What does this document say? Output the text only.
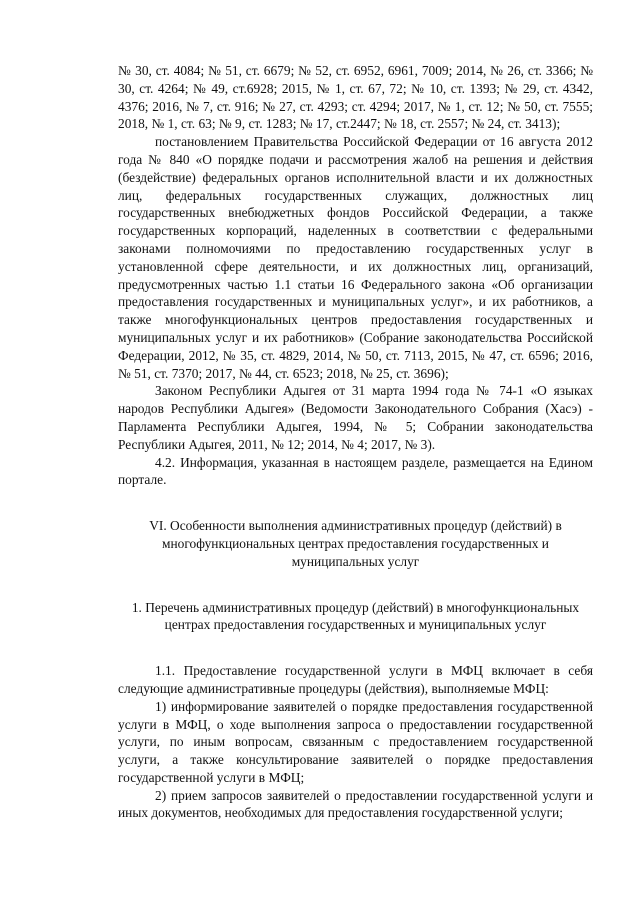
№ 30, ст. 4084; № 51, ст. 6679; № 52, ст. 6952, 6961, 7009; 2014, № 26, ст. 3366; № 30, ст. 4264; № 49, ст.6928; 2015, № 1, ст. 67, 72; № 10, ст. 1393; № 29, ст. 4342, 4376; 2016, № 7, ст. 916; № 27, ст. 4293; ст. 4294; 2017, № 1, ст. 12; № 50, ст. 7555; 2018, № 1, ст. 63; № 9, ст. 1283; № 17, ст.2447; № 18, ст. 2557; № 24, ст. 3413);

постановлением Правительства Российской Федерации от 16 августа 2012 года № 840 «О порядке подачи и рассмотрения жалоб на решения и действия (бездействие) федеральных органов исполнительной власти и их должностных лиц, федеральных государственных служащих, должностных лиц государственных внебюджетных фондов Российской Федерации, а также государственных корпораций, наделенных в соответствии с федеральными законами полномочиями по предоставлению государственных услуг в установленной сфере деятельности, и их должностных лиц, организаций, предусмотренных частью 1.1 статьи 16 Федерального закона «Об организации предоставления государственных и муниципальных услуг», и их работников, а также многофункциональных центров предоставления государственных и муниципальных услуг и их работников» (Собрание законодательства Российской Федерации, 2012, № 35, ст. 4829, 2014, № 50, ст. 7113, 2015, № 47, ст. 6596; 2016, № 51, ст. 7370; 2017, № 44, ст. 6523; 2018, № 25, ст. 3696);

Законом Республики Адыгея от 31 марта 1994 года № 74-1 «О языках народов Республики Адыгея» (Ведомости Законодательного Собрания (Хасэ) - Парламента Республики Адыгея, 1994, № 5; Собрании законодательства Республики Адыгея, 2011, № 12; 2014, № 4; 2017, № 3).

4.2. Информация, указанная в настоящем разделе, размещается на Едином портале.

VI. Особенности выполнения административных процедур (действий) в многофункциональных центрах предоставления государственных и муниципальных услуг

1. Перечень административных процедур (действий) в многофункциональных центрах предоставления государственных и муниципальных услуг

1.1. Предоставление государственной услуги в МФЦ включает в себя следующие административные процедуры (действия), выполняемые МФЦ:

1) информирование заявителей о порядке предоставления государственной услуги в МФЦ, о ходе выполнения запроса о предоставлении государственной услуги, по иным вопросам, связанным с предоставлением государственной услуги, а также консультирование заявителей о порядке предоставления государственной услуги в МФЦ;

2) прием запросов заявителей о предоставлении государственной услуги и иных документов, необходимых для предоставления государственной услуги;
